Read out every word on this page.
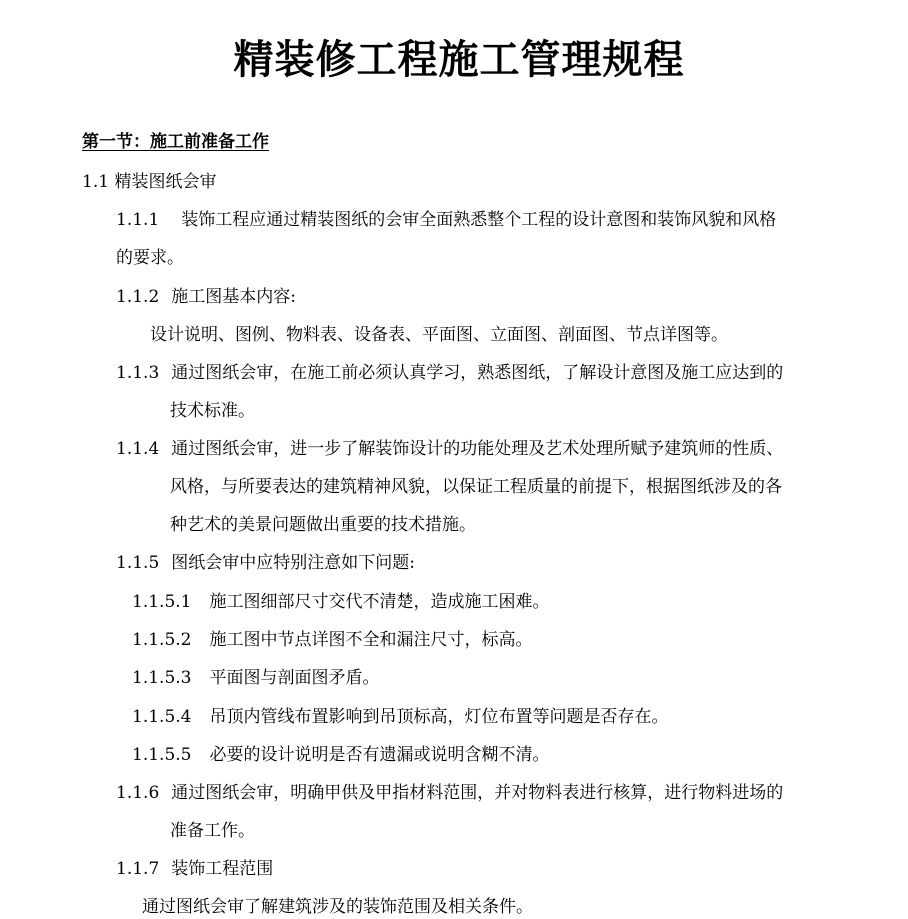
精装修工程施工管理规程

第一节：施工前准备工作

1.1 精装图纸会审

1.1.1 装饰工程应通过精装图纸的会审全面熟悉整个工程的设计意图和装饰风貌和风格

的要求。

1.1.2 施工图基本内容:

设计说明、图例、物料表、设备表、平面图、立面图、剖面图、节点详图等。

1.1.3 通过图纸会审，在施工前必须认真学习，熟悉图纸，了解设计意图及施工应达到的

技术标准。

1.1.4 通过图纸会审，进一步了解装饰设计的功能处理及艺术处理所赋予建筑师的性质、

风格，与所要表达的建筑精神风貌，以保证工程质量的前提下，根据图纸涉及的各

种艺术的美景问题做出重要的技术措施。

1.1.5 图纸会审中应特别注意如下问题:

1.1.5.1 施工图细部尺寸交代不清楚，造成施工困难。

1.1.5.2 施工图中节点详图不全和漏注尺寸，标高。

1.1.5.3 平面图与剖面图矛盾。

1.1.5.4 吊顶内管线布置影响到吊顶标高，灯位布置等问题是否存在。

1.1.5.5 必要的设计说明是否有遗漏或说明含糊不清。

1.1.6 通过图纸会审，明确甲供及甲指材料范围，并对物料表进行核算，进行物料进场的

准备工作。

1.1.7 装饰工程范围

通过图纸会审了解建筑涉及的装饰范围及相关条件。
